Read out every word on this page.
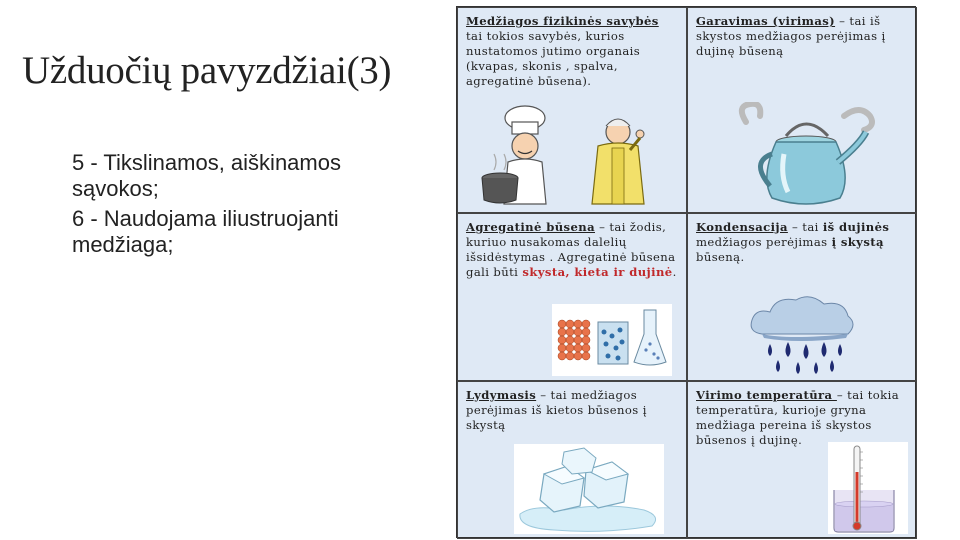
Užduočių pavyzdžiai(3)

5 - Tikslinamos, aiškinamos sąvokos;

6 - Naudojama iliustruojanti medžiaga;

Medžiagos fizikinės savybės tai tokios savybės, kurios nustatomos jutimo organais (kvapas, skonis , spalva, agregatinė būsena).
Garavimas (virimas) – tai iš skystos medžiagos perėjimas į dujinę būseną
Agregatinė būsena – tai žodis, kuriuo nusakomas dalelių išsidėstymas . Agregatinė būsena gali būti skysta, kieta ir dujinė.
Kondensacija – tai iš dujinės medžiagos perėjimas į skystą būseną.
Lydymasis – tai medžiagos perėjimas iš kietos būsenos į skystą
Virimo temperatūra – tai tokia temperatūra, kurioje gryna medžiaga pereina iš skystos būsenos į dujinę.
